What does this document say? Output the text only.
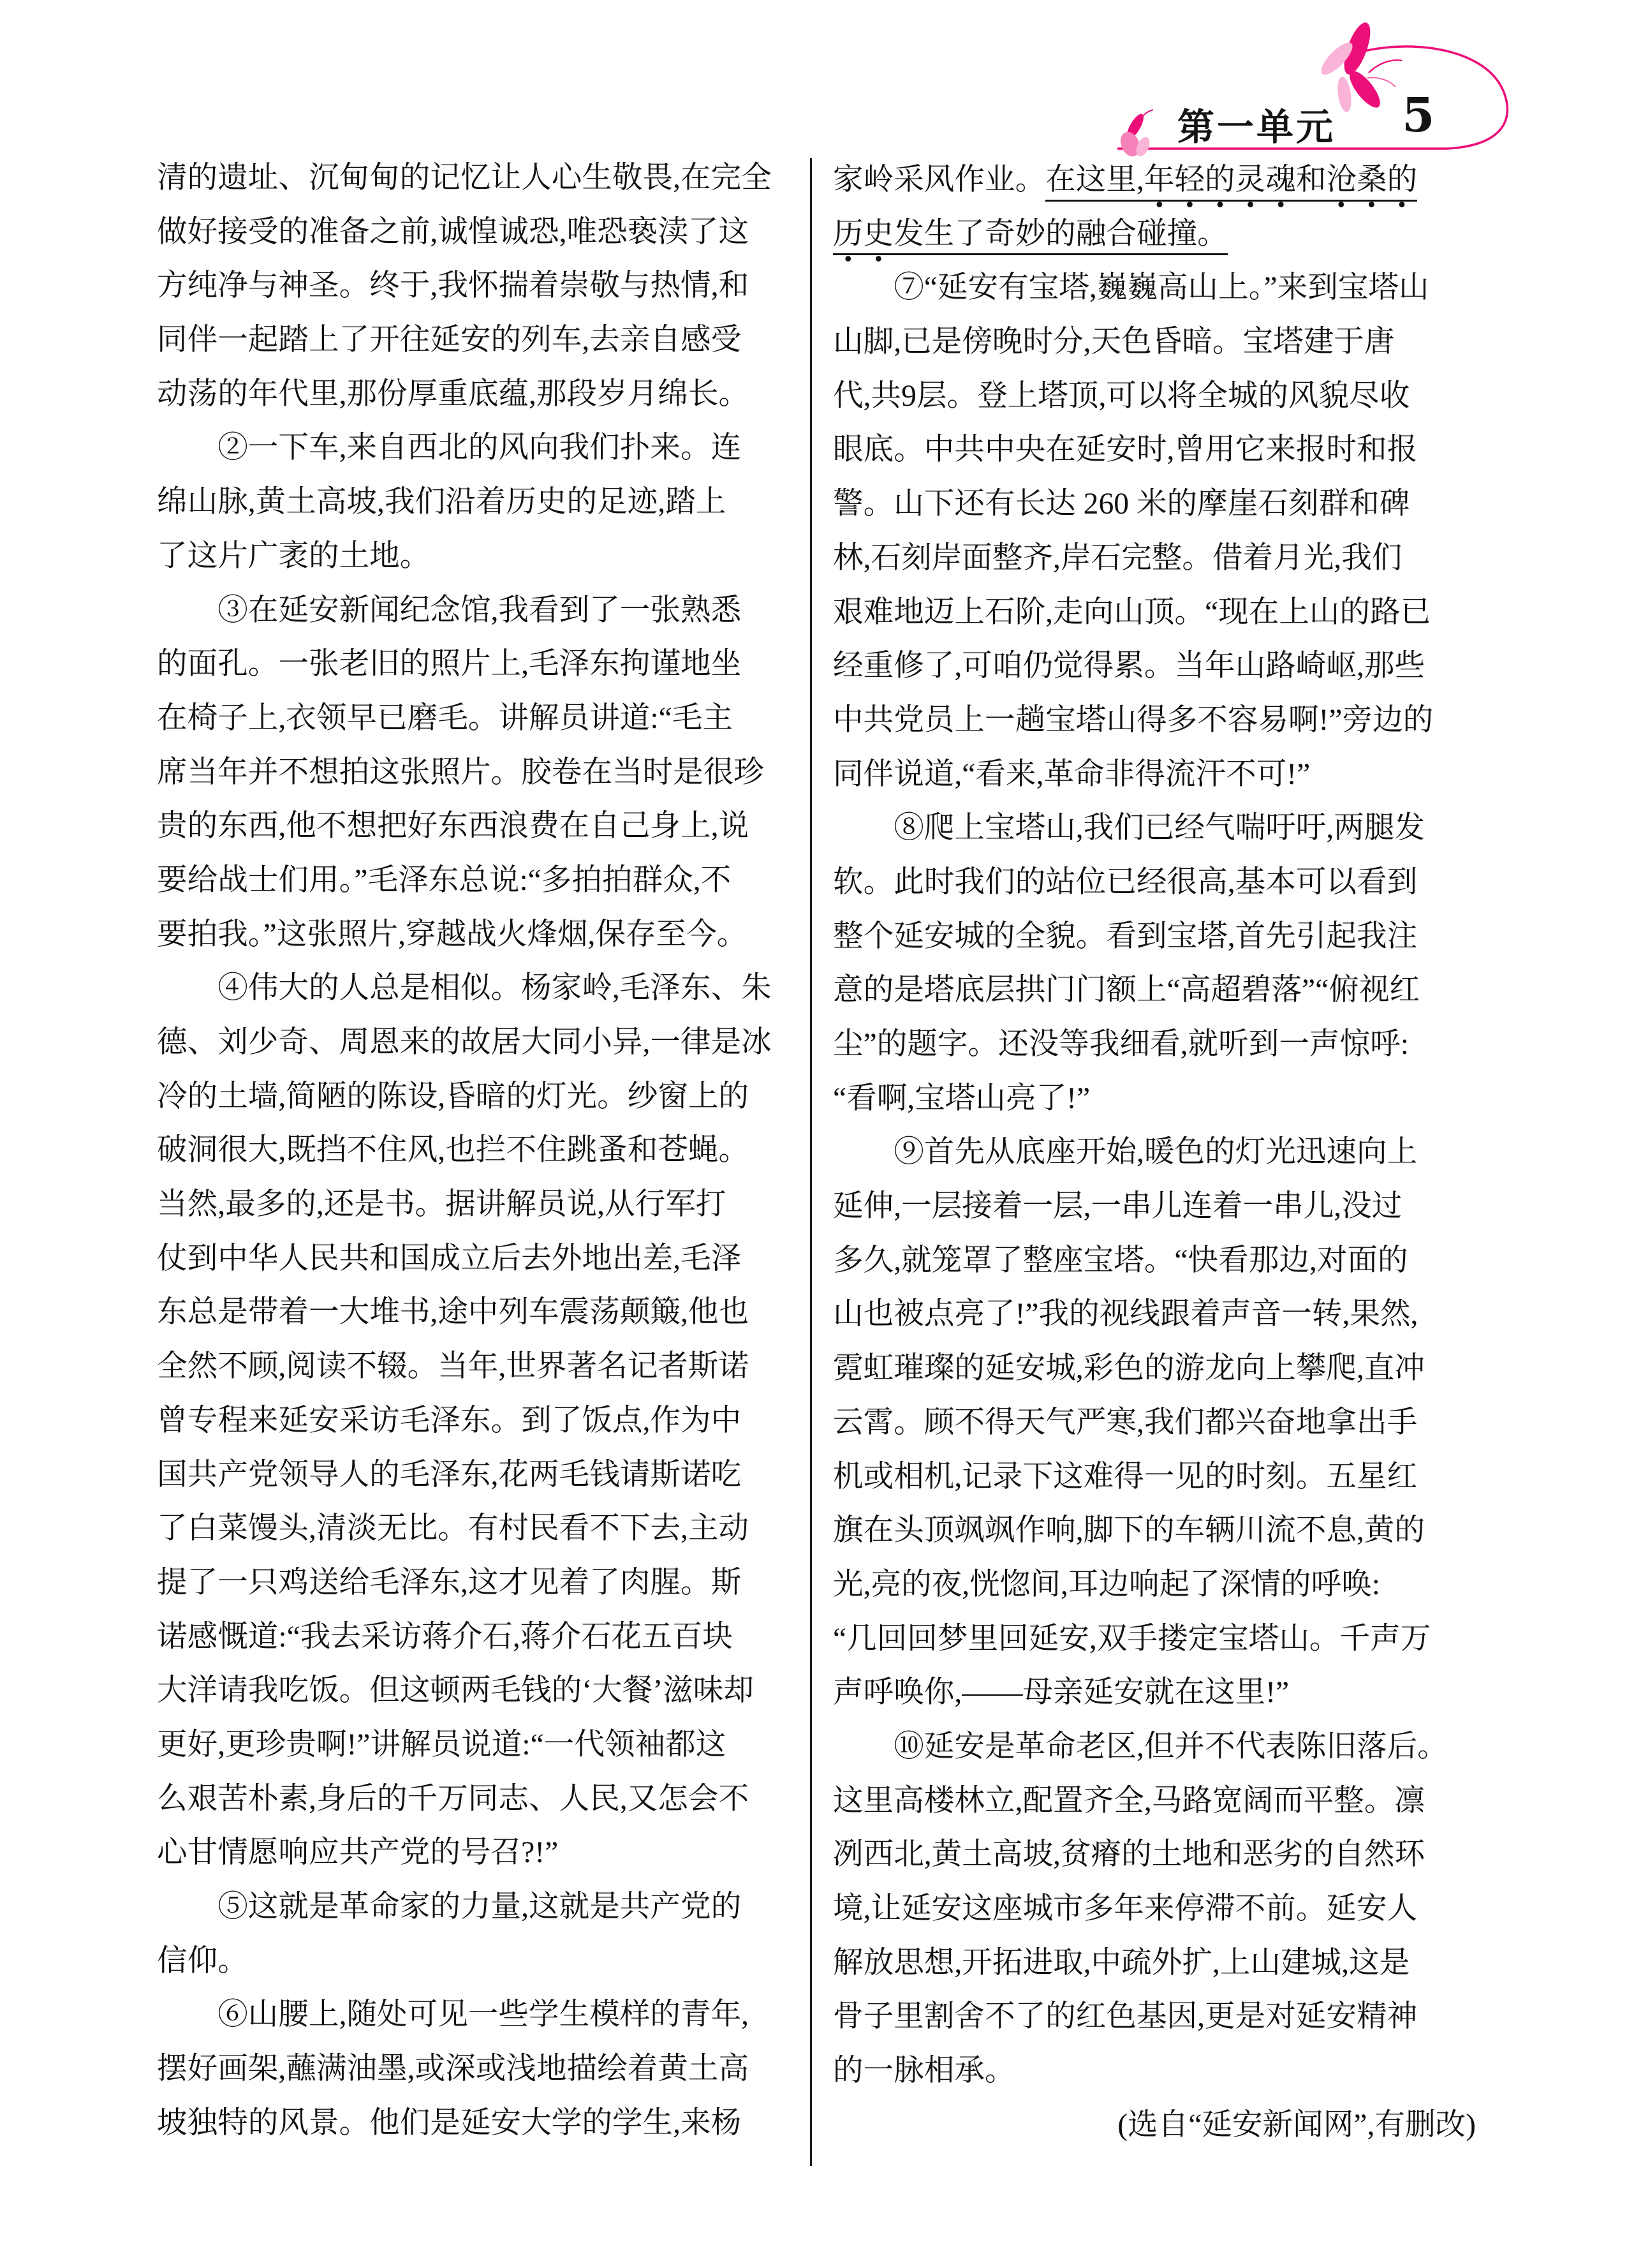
第一单元 5
清的遗址、沉甸甸的记忆让人心生敬畏,在完全
做好接受的准备之前,诚惶诚恐,唯恐亵渎了这
方纯净与神圣。终于,我怀揣着崇敬与热情,和
同伴一起踏上了开往延安的列车,去亲自感受
动荡的年代里,那份厚重底蕴,那段岁月绵长。
②一下车,来自西北的风向我们扑来。连
绵山脉,黄土高坡,我们沿着历史的足迹,踏上
了这片广袤的土地。
③在延安新闻纪念馆,我看到了一张熟悉
的面孔。一张老旧的照片上,毛泽东拘谨地坐
在椅子上,衣领早已磨毛。讲解员讲道:“毛主
席当年并不想拍这张照片。胶卷在当时是很珍
贵的东西,他不想把好东西浪费在自己身上,说
要给战士们用。”毛泽东总说:“多拍拍群众,不
要拍我。”这张照片,穿越战火烽烟,保存至今。
④伟大的人总是相似。杨家岭,毛泽东、朱
德、刘少奇、周恩来的故居大同小异,一律是冰
冷的土墙,简陋的陈设,昏暗的灯光。纱窗上的
破洞很大,既挡不住风,也拦不住跳蚤和苍蝇。
当然,最多的,还是书。据讲解员说,从行军打
仗到中华人民共和国成立后去外地出差,毛泽
东总是带着一大堆书,途中列车震荡颠簸,他也
全然不顾,阅读不辍。当年,世界著名记者斯诺
曾专程来延安采访毛泽东。到了饭点,作为中
国共产党领导人的毛泽东,花两毛钱请斯诺吃
了白菜馒头,清淡无比。有村民看不下去,主动
提了一只鸡送给毛泽东,这才见着了肉腥。斯
诺感慨道:“我去采访蒋介石,蒋介石花五百块
大洋请我吃饭。但这顿两毛钱的‘大餐’滋味却
更好,更珍贵啊!”讲解员说道:“一代领袖都这
么艰苦朴素,身后的千万同志、人民,又怎会不
心甘情愿响应共产党的号召?!”
⑤这就是革命家的力量,这就是共产党的
信仰。
⑥山腰上,随处可见一些学生模样的青年,
摆好画架,蘸满油墨,或深或浅地描绘着黄土高
坡独特的风景。他们是延安大学的学生,来杨
家岭采风作业。在这里,年轻的灵魂和沧桑的
历史发生了奇妙的融合碰撞。
⑦“延安有宝塔,巍巍高山上。”来到宝塔山
山脚,已是傍晚时分,天色昏暗。宝塔建于唐
代,共9层。登上塔顶,可以将全城的风貌尽收
眼底。中共中央在延安时,曾用它来报时和报
警。山下还有长达 260 米的摩崖石刻群和碑
林,石刻岸面整齐,岸石完整。借着月光,我们
艰难地迈上石阶,走向山顶。“现在上山的路已
经重修了,可咱仍觉得累。当年山路崎岖,那些
中共党员上一趟宝塔山得多不容易啊!”旁边的
同伴说道,“看来,革命非得流汗不可!”
⑧爬上宝塔山,我们已经气喘吁吁,两腿发
软。此时我们的站位已经很高,基本可以看到
整个延安城的全貌。看到宝塔,首先引起我注
意的是塔底层拱门门额上“高超碧落”“俯视红
尘”的题字。还没等我细看,就听到一声惊呼:
“看啊,宝塔山亮了!”
⑨首先从底座开始,暖色的灯光迅速向上
延伸,一层接着一层,一串儿连着一串儿,没过
多久,就笼罩了整座宝塔。“快看那边,对面的
山也被点亮了!”我的视线跟着声音一转,果然,
霓虹璀璨的延安城,彩色的游龙向上攀爬,直冲
云霄。顾不得天气严寒,我们都兴奋地拿出手
机或相机,记录下这难得一见的时刻。五星红
旗在头顶飒飒作响,脚下的车辆川流不息,黄的
光,亮的夜,恍惚间,耳边响起了深情的呼唤:
“几回回梦里回延安,双手搂定宝塔山。千声万
声呼唤你,——母亲延安就在这里!”
⑩延安是革命老区,但并不代表陈旧落后。
这里高楼林立,配置齐全,马路宽阔而平整。凛
冽西北,黄土高坡,贫瘠的土地和恶劣的自然环
境,让延安这座城市多年来停滞不前。延安人
解放思想,开拓进取,中疏外扩,上山建城,这是
骨子里割舍不了的红色基因,更是对延安精神
的一脉相承。
(选自“延安新闻网”,有删改)
